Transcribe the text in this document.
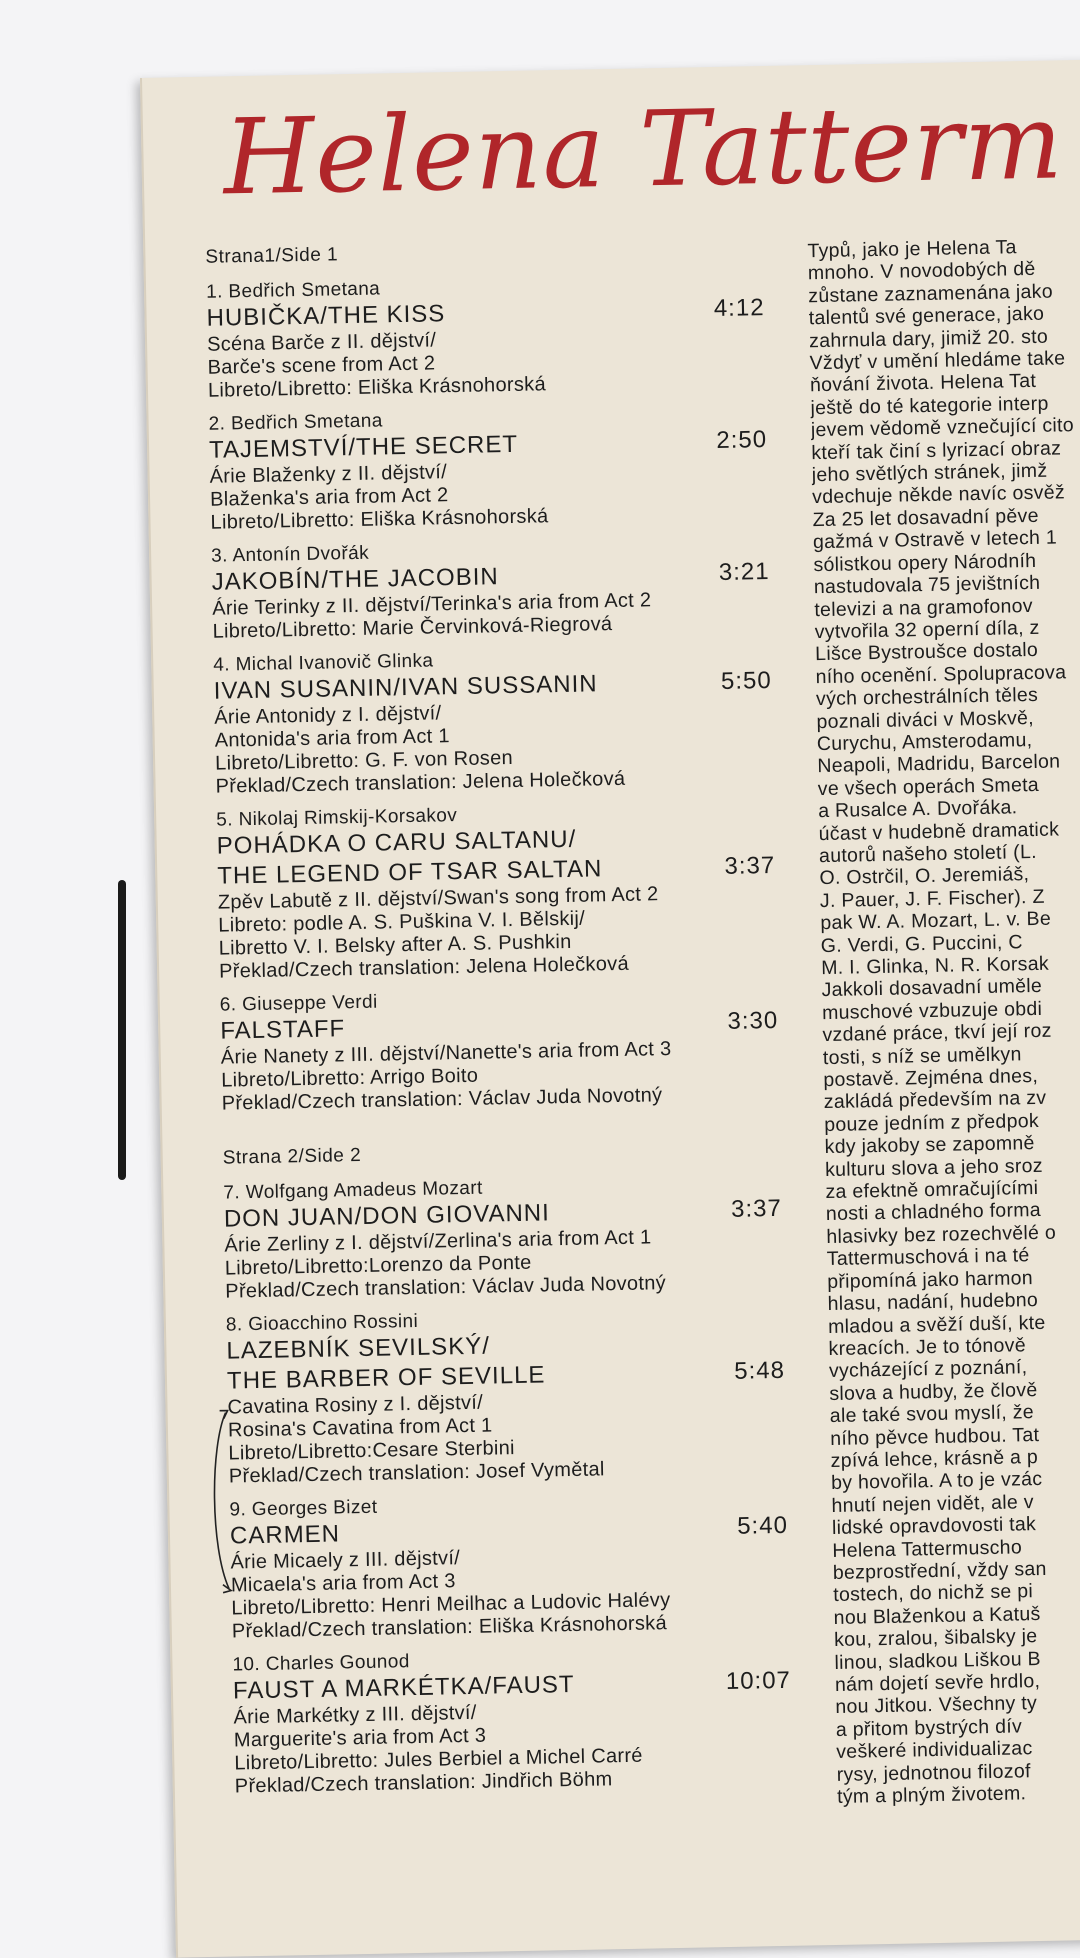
Helena Tatterm
Strana1/Side 1
1. Bedřich Smetana
HUBIČKA/THE KISS	4:12
Scéna Barče z II. dějství/
Barče's scene from Act 2
Libreto/Libretto: Eliška Krásnohorská
2. Bedřich Smetana
TAJEMSTVÍ/THE SECRET	2:50
Árie Blaženky z II. dějství/
Blaženka's aria from Act 2
Libreto/Libretto: Eliška Krásnohorská
3. Antonín Dvořák
JAKOBÍN/THE JACOBIN	3:21
Árie Terinky z II. dějství/Terinka's aria from Act 2
Libreto/Libretto: Marie Červinková-Riegrová
4. Michal Ivanovič Glinka
IVAN SUSANIN/IVAN SUSSANIN	5:50
Árie Antonidy z I. dějství/
Antonida's aria from Act 1
Libreto/Libretto: G. F. von Rosen
Překlad/Czech translation: Jelena Holečková
5. Nikolaj Rimskij-Korsakov
POHÁDKA O CARU SALTANU/
THE LEGEND OF TSAR SALTAN	3:37
Zpěv Labutě z II. dějství/Swan's song from Act 2
Libreto: podle A. S. Puškina V. I. Bělskij/
Libretto V. I. Belsky after A. S. Pushkin
Překlad/Czech translation: Jelena Holečková
6. Giuseppe Verdi
FALSTAFF	3:30
Árie Nanety z III. dějství/Nanette's aria from Act 3
Libreto/Libretto: Arrigo Boito
Překlad/Czech translation: Václav Juda Novotný
Strana 2/Side 2
7. Wolfgang Amadeus Mozart
DON JUAN/DON GIOVANNI	3:37
Árie Zerliny z I. dějství/Zerlina's aria from Act 1
Libreto/Libretto:Lorenzo da Ponte
Překlad/Czech translation: Václav Juda Novotný
8. Gioacchino Rossini
LAZEBNÍK SEVILSKÝ/
THE BARBER OF SEVILLE	5:48
Cavatina Rosiny z I. dějství/
Rosina's Cavatina from Act 1
Libreto/Libretto:Cesare Sterbini
Překlad/Czech translation: Josef Vymětal
9. Georges Bizet
CARMEN	5:40
Árie Micaely z III. dějství/
Micaela's aria from Act 3
Libreto/Libretto: Henri Meilhac a Ludovic Halévy
Překlad/Czech translation: Eliška Krásnohorská
10. Charles Gounod
FAUST A MARKÉTKA/FAUST	10:07
Árie Markétky z III. dějství/
Marguerite's aria from Act 3
Libreto/Libretto: Jules Berbiel a Michel Carré
Překlad/Czech translation: Jindřich Böhm

Typů, jako je Helena Ta

mnoho. V novodobých dě

zůstane zaznamenána jako

talentů své generace, jako

zahrnula dary, jimiž 20. sto

Vždyť v umění hledáme take

ňování života. Helena Tat

ještě do té kategorie interp

jevem vědomě vznečující cito

kteří tak činí s lyrizací obraz

jeho světlých stránek, jimž

vdechuje někde navíc osvěž

Za 25 let dosavadní pěve

gažmá v Ostravě v letech 1

sólistkou opery Národníh

nastudovala 75 jevištních

televizi a na gramofonov

vytvořila 32 operní díla, z

Lišce Bystroušce dostalo

ního ocenění. Spolupracova

vých orchestrálních těles

poznali diváci v Moskvě,

Curychu, Amsterodamu,

Neapoli, Madridu, Barcelon

ve všech operách Smeta

a Rusalce A. Dvořáka.

účast v hudebně dramatick

autorů našeho století (L.

O. Ostrčil, O. Jeremiáš,

J. Pauer, J. F. Fischer). Z

pak W. A. Mozart, L. v. Be

G. Verdi, G. Puccini, C

M. I. Glinka, N. R. Korsak

Jakkoli dosavadní uměle

muschové vzbuzuje obdi

vzdané práce, tkví její roz

tosti, s níž se umělkyn

postavě. Zejména dnes,

zakládá především na zv

pouze jedním z předpok

kdy jakoby se zapomně

kulturu slova a jeho sroz

za efektně omračujícími

nosti a chladného forma

hlasivky bez rozechvělé o

Tattermuschová i na té

připomíná jako harmon

hlasu, nadání, hudebno

mladou a svěží duší, kte

kreacích. Je to tónově

vycházející z poznání,

slova a hudby, že člově

ale také svou myslí, že

ního pěvce hudbou. Tat

zpívá lehce, krásně a p

by hovořila. A to je vzác

hnutí nejen vidět, ale v

lidské opravdovosti tak

Helena Tattermuscho

bezprostřední, vždy san

tostech, do nichž se pi

nou Blaženkou a Katuš

kou, zralou, šibalsky je

linou, sladkou Liškou B

nám dojetí sevře hrdlo,

nou Jitkou. Všechny ty

a přitom bystrých dív

veškeré individualizac

rysy, jednotnou filozof

tým a plným životem.
